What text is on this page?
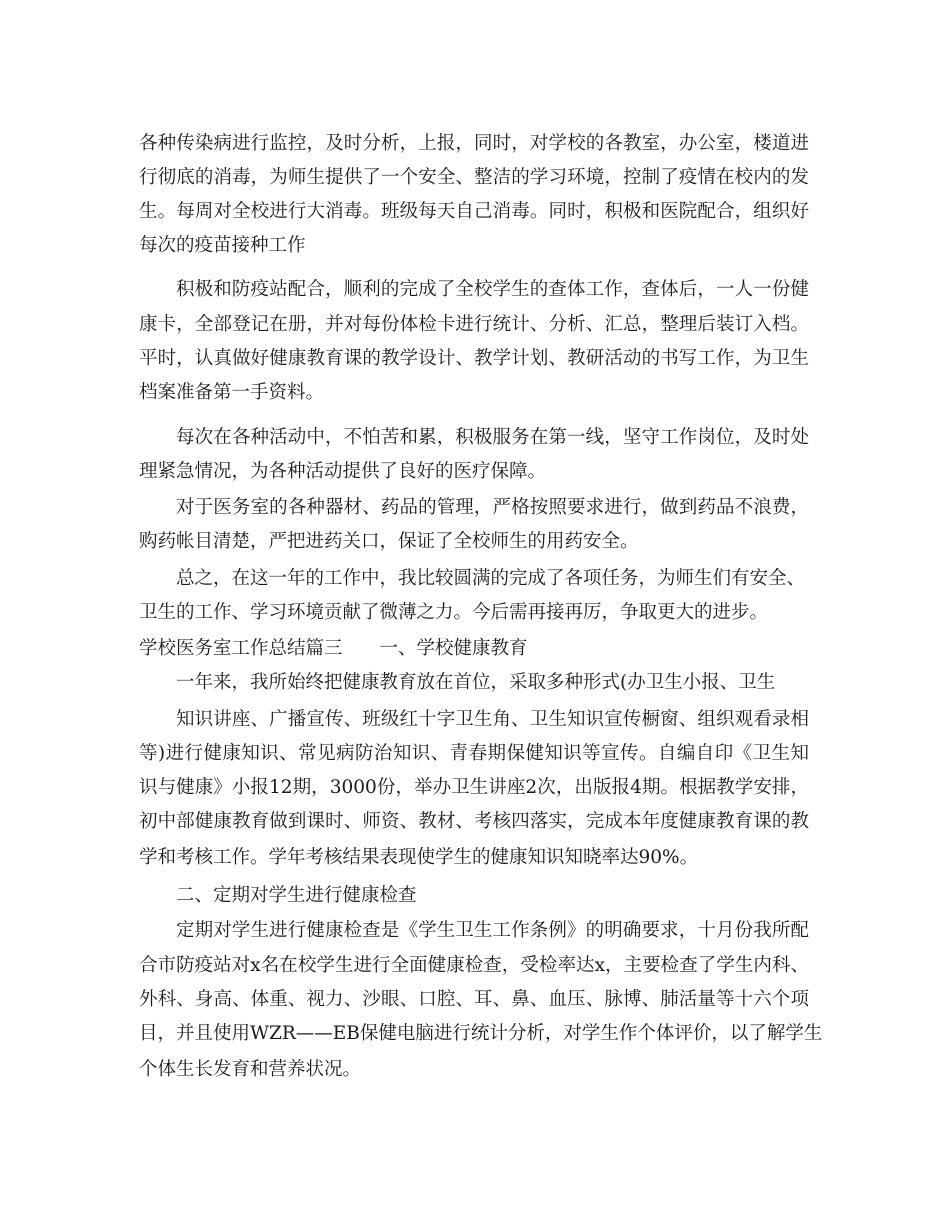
各种传染病进行监控，及时分析，上报，同时，对学校的各教室，办公室，楼道进
行彻底的消毒，为师生提供了一个安全、整洁的学习环境，控制了疫情在校内的发
生。每周对全校进行大消毒。班级每天自己消毒。同时，积极和医院配合，组织好
每次的疫苗接种工作
积极和防疫站配合，顺利的完成了全校学生的查体工作，查体后，一人一份健
康卡，全部登记在册，并对每份体检卡进行统计、分析、汇总，整理后装订入档。
平时，认真做好健康教育课的教学设计、教学计划、教研活动的书写工作，为卫生
档案准备第一手资料。
每次在各种活动中，不怕苦和累，积极服务在第一线，坚守工作岗位，及时处
理紧急情况，为各种活动提供了良好的医疗保障。
对于医务室的各种器材、药品的管理，严格按照要求进行，做到药品不浪费，
购药帐目清楚，严把进药关口，保证了全校师生的用药安全。
总之，在这一年的工作中，我比较圆满的完成了各项任务，为师生们有安全、
卫生的工作、学习环境贡献了微薄之力。今后需再接再厉，争取更大的进步。
学校医务室工作总结篇三　　一、学校健康教育
一年来，我所始终把健康教育放在首位，采取多种形式(办卫生小报、卫生
知识讲座、广播宣传、班级红十字卫生角、卫生知识宣传橱窗、组织观看录相
等)进行健康知识、常见病防治知识、青春期保健知识等宣传。自编自印《卫生知
识与健康》小报12期，3000份，举办卫生讲座2次，出版报4期。根据教学安排，
初中部健康教育做到课时、师资、教材、考核四落实，完成本年度健康教育课的教
学和考核工作。学年考核结果表现使学生的健康知识知晓率达90%。
二、定期对学生进行健康检查
定期对学生进行健康检查是《学生卫生工作条例》的明确要求，十月份我所配
合市防疫站对x名在校学生进行全面健康检查，受检率达x，主要检查了学生内科、
外科、身高、体重、视力、沙眼、口腔、耳、鼻、血压、脉博、肺活量等十六个项
目，并且使用WZR——EB保健电脑进行统计分析，对学生作个体评价，以了解学生
个体生长发育和营养状况。
